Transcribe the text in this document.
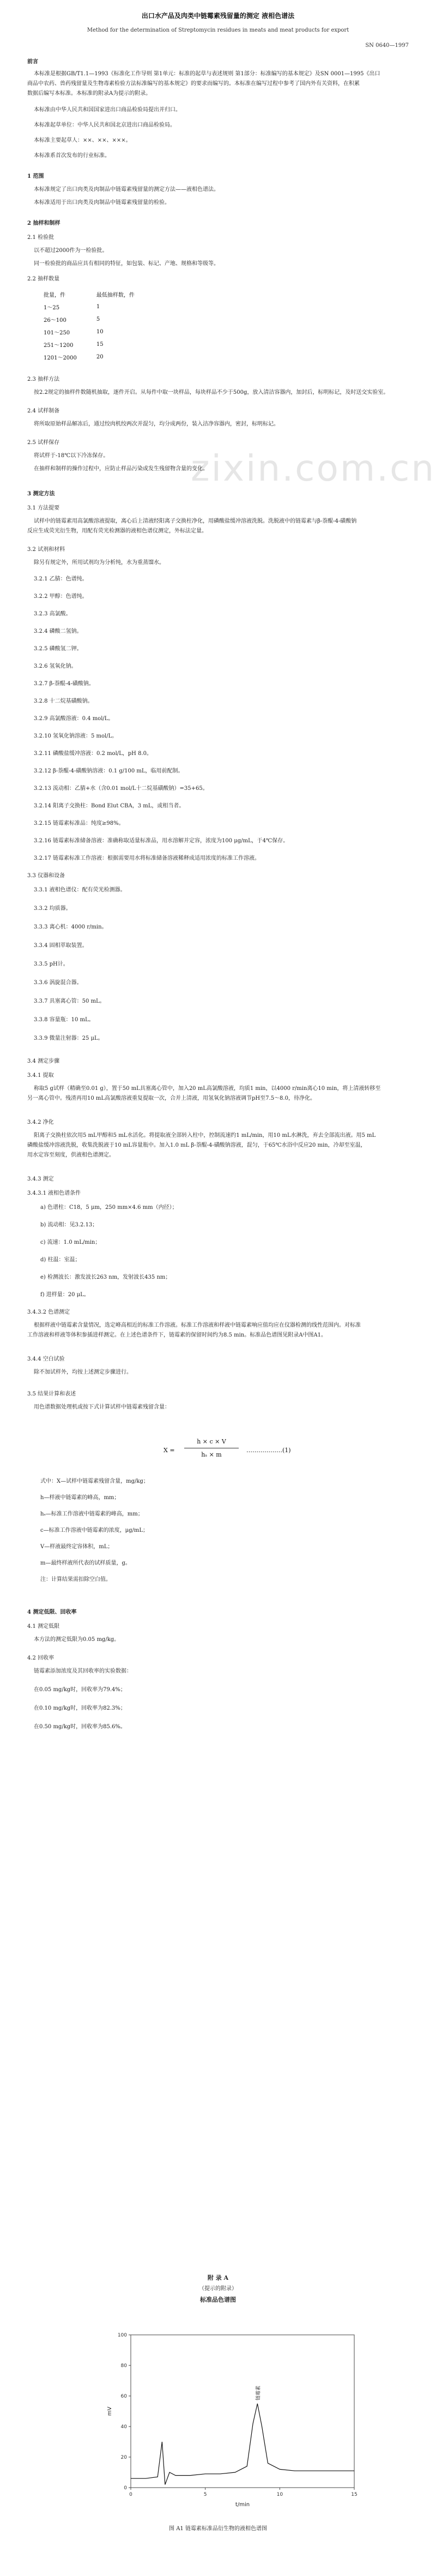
zixin.com.cn
出口水产品及肉类中链霉素残留量的测定 液相色谱法
Method for the determination of Streptomycin residues in meats and meat products for export
SN 0640—1997
前言
本标准是根据GB/T1.1—1993《标准化工作导则 第1单元：标准的起草与表述规则 第1部分：标准编写的基本规定》及SN 0001—1995《出口
商品中农药、兽药残留量及生物毒素检验方法标准编写的基本规定》的要求而编写的。本标准在编写过程中参考了国内外有关资料，在积累
数据后编写本标准。本标准的附录A为提示的附录。
本标准由中华人民共和国国家进出口商品检验局提出并归口。
本标准起草单位：中华人民共和国北京进出口商品检验局。
本标准主要起草人：××、××、×××。
本标准系首次发布的行业标准。
1 范围
本标准规定了出口肉类及肉制品中链霉素残留量的测定方法——液相色谱法。
本标准适用于出口肉类及肉制品中链霉素残留量的检验。
2 抽样和制样
2.1 检验批
以不超过2000件为一检验批。
同一检验批的商品应具有相同的特征，如包装、标记、产地、规格和等级等。
2.2 抽样数量
批量，件	最低抽样数，件
1～25	1
26～100	5
101～250	10
251～1200	15
1201～2000	20
2.3 抽样方法
按2.2规定的抽样件数随机抽取，逐件开启。从每件中取一块样品，每块样品不少于500g，放入清洁容器内，加封后，标明标记，及时送交实验室。
2.4 试样制备
将所取原始样品解冻后，通过绞肉机绞两次并混匀，均分成两份，装入洁净容器内，密封，标明标记。
2.5 试样保存
将试样于-18℃以下冷冻保存。
在抽样和制样的操作过程中，应防止样品污染或发生残留物含量的变化。
3 测定方法
3.1 方法提要
试样中的链霉素用高氯酸溶液提取，离心后上清液经阳离子交换柱净化，用磷酸盐缓冲溶液洗脱。洗脱液中的链霉素与β-萘醌-4-磺酸钠
反应生成荧光衍生物，用配有荧光检测器的液相色谱仪测定，外标法定量。
3.2 试剂和材料
除另有规定外，所用试剂均为分析纯，水为重蒸馏水。
3.2.1 乙腈：色谱纯。
3.2.2 甲醇：色谱纯。
3.2.3 高氯酸。
3.2.4 磷酸二氢钠。
3.2.5 磷酸氢二钾。
3.2.6 氢氧化钠。
3.2.7 β-萘醌-4-磺酸钠。
3.2.8 十二烷基磺酸钠。
3.2.9 高氯酸溶液：0.4 mol/L。
3.2.10 氢氧化钠溶液：5 mol/L。
3.2.11 磷酸盐缓冲溶液：0.2 mol/L，pH 8.0。
3.2.12 β-萘醌-4-磺酸钠溶液：0.1 g/100 mL，临用前配制。
3.2.13 流动相：乙腈+水（含0.01 mol/L十二烷基磺酸钠）=35+65。
3.2.14 阳离子交换柱：Bond Elut CBA，3 mL，或相当者。
3.2.15 链霉素标准品：纯度≥98%。
3.2.16 链霉素标准储备溶液：准确称取适量标准品，用水溶解并定容，浓度为100 μg/mL，于4℃保存。
3.2.17 链霉素标准工作溶液：根据需要用水将标准储备溶液稀释成适用浓度的标准工作溶液。
3.3 仪器和设备
3.3.1 液相色谱仪：配有荧光检测器。
3.3.2 均质器。
3.3.3 离心机：4000 r/min。
3.3.4 固相萃取装置。
3.3.5 pH计。
3.3.6 涡旋混合器。
3.3.7 具塞离心管：50 mL。
3.3.8 容量瓶：10 mL。
3.3.9 微量注射器：25 μL。
3.4 测定步骤
3.4.1 提取
称取5 g试样（精确至0.01 g），置于50 mL具塞离心管中，加入20 mL高氯酸溶液，均质1 min，以4000 r/min离心10 min，将上清液转移至
另一离心管中。残渣再用10 mL高氯酸溶液重复提取一次，合并上清液，用氢氧化钠溶液调节pH至7.5～8.0，待净化。
3.4.2 净化
阳离子交换柱依次用5 mL甲醇和5 mL水活化。将提取液全部转入柱中，控制流速约1 mL/min，用10 mL水淋洗，弃去全部流出液。用5 mL
磷酸盐缓冲溶液洗脱，收集洗脱液于10 mL容量瓶中。加入1.0 mL β-萘醌-4-磺酸钠溶液，混匀，于65℃水浴中反应20 min，冷却至室温，
用水定容至刻度，供液相色谱测定。
3.4.3 测定
3.4.3.1 液相色谱条件
a) 色谱柱：C18，5 μm，250 mm×4.6 mm（内径）；
b) 流动相：见3.2.13；
c) 流速：1.0 mL/min；
d) 柱温：室温；
e) 检测波长：激发波长263 nm，发射波长435 nm；
f) 进样量：20 μL。
3.4.3.2 色谱测定
根据样液中链霉素含量情况，选定峰高相近的标准工作溶液。标准工作溶液和样液中链霉素响应值均应在仪器检测的线性范围内。对标准
工作溶液和样液等体积参插进样测定。在上述色谱条件下，链霉素的保留时间约为8.5 min。标准品色谱图见附录A中图A1。
3.4.4 空白试验
除不加试样外，均按上述测定步骤进行。
3.5 结果计算和表述
用色谱数据处理机或按下式计算试样中链霉素残留含量：
X =
h × c × V
hₛ × m
………………(1)
式中：X—试样中链霉素残留含量，mg/kg；
h—样液中链霉素的峰高，mm；
hₛ—标准工作溶液中链霉素的峰高，mm；
c—标准工作溶液中链霉素的浓度，μg/mL；
V—样液最终定容体积，mL；
m—最终样液所代表的试样质量，g。
注：计算结果需扣除空白值。
4 测定低限、回收率
4.1 测定低限
本方法的测定低限为0.05 mg/kg。
4.2 回收率
链霉素添加浓度及其回收率的实验数据：
在0.05 mg/kg时，回收率为79.4%；
在0.10 mg/kg时，回收率为82.3%；
在0.50 mg/kg时，回收率为85.6%。
附 录 A
（提示的附录）
标准品色谱图
0	5	10	15
0
20
40
60
80
100
t/min
mV
链霉素
图 A1 链霉素标准品衍生物的液相色谱图
